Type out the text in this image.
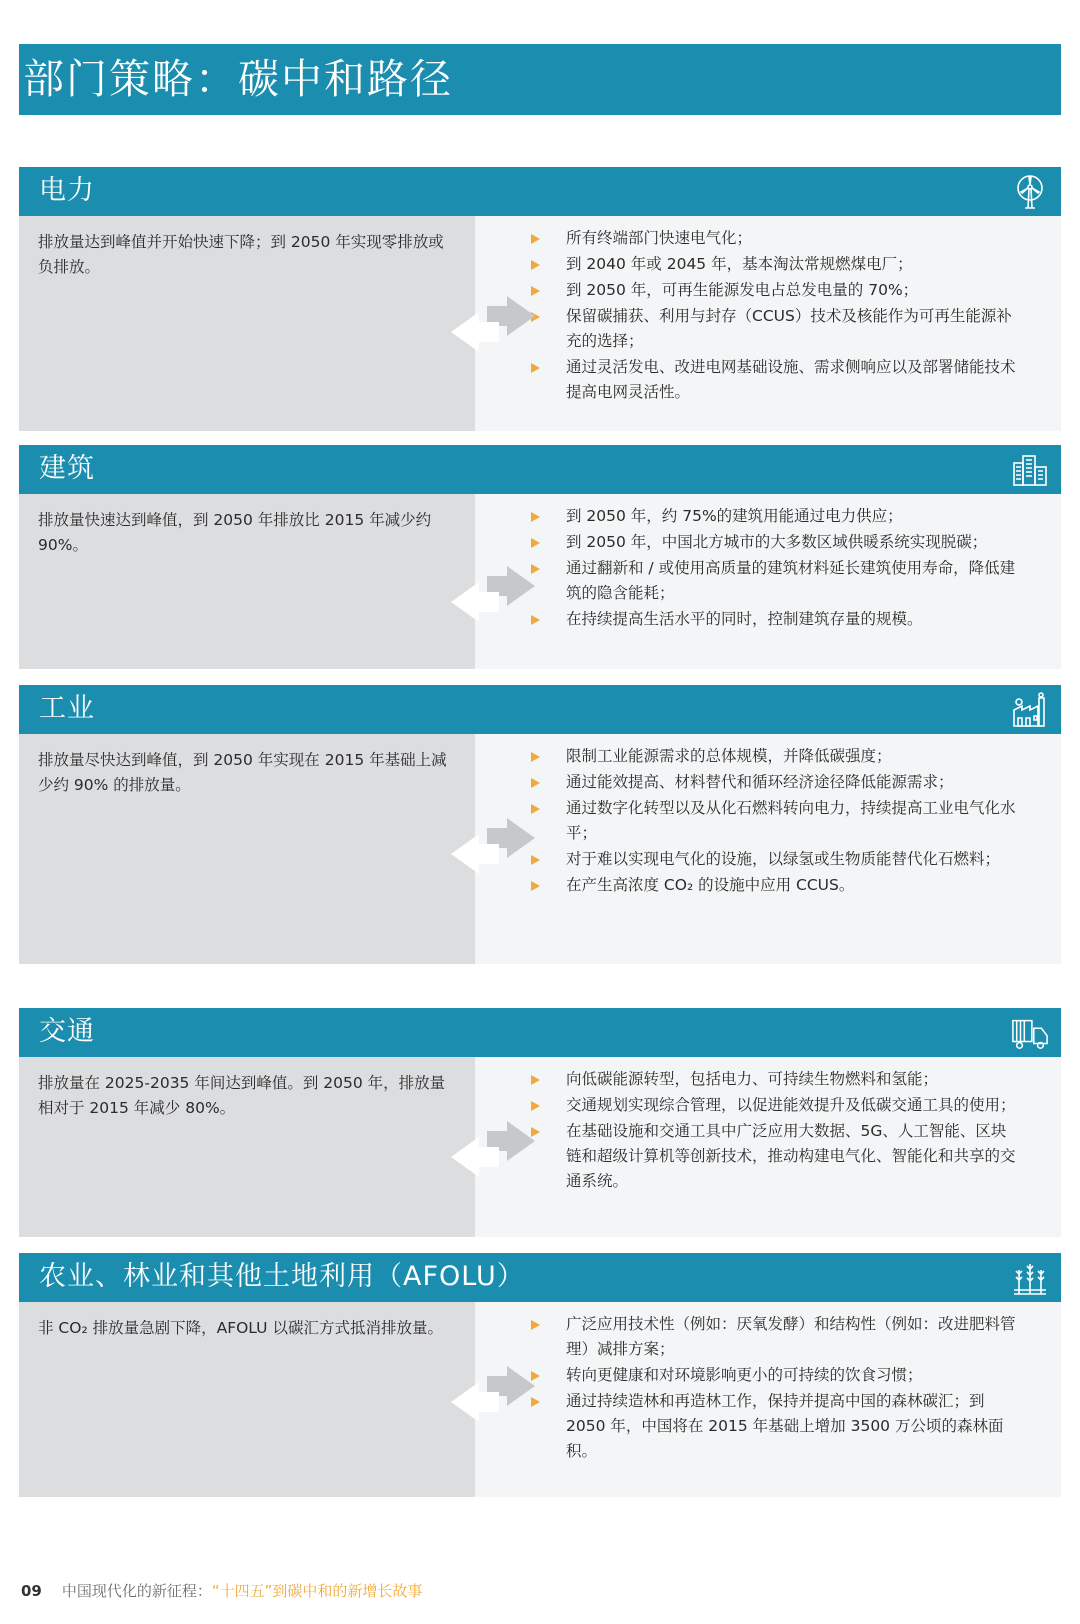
部门策略：碳中和路径
电力
排放量达到峰值并开始快速下降；到 2050 年实现零排放或负排放。
所有终端部门快速电气化；
到 2040 年或 2045 年，基本淘汰常规燃煤电厂；
到 2050 年，可再生能源发电占总发电量的 70%；
保留碳捕获、利用与封存（CCUS）技术及核能作为可再生能源补充的选择；
通过灵活发电、改进电网基础设施、需求侧响应以及部署储能技术提高电网灵活性。
建筑
排放量快速达到峰值，到 2050 年排放比 2015 年减少约 90%。
到 2050 年，约 75%的建筑用能通过电力供应；
到 2050 年，中国北方城市的大多数区域供暖系统实现脱碳；
通过翻新和 / 或使用高质量的建筑材料延长建筑使用寿命，降低建筑的隐含能耗；
在持续提高生活水平的同时，控制建筑存量的规模。
工业
排放量尽快达到峰值，到 2050 年实现在 2015 年基础上减少约 90% 的排放量。
限制工业能源需求的总体规模，并降低碳强度；
通过能效提高、材料替代和循环经济途径降低能源需求；
通过数字化转型以及从化石燃料转向电力，持续提高工业电气化水平；
对于难以实现电气化的设施，以绿氢或生物质能替代化石燃料；
在产生高浓度 CO₂ 的设施中应用 CCUS。
交通
排放量在 2025-2035 年间达到峰值。到 2050 年，排放量相对于 2015 年减少 80%。
向低碳能源转型，包括电力、可持续生物燃料和氢能；
交通规划实现综合管理，以促进能效提升及低碳交通工具的使用；
在基础设施和交通工具中广泛应用大数据、5G、人工智能、区块链和超级计算机等创新技术，推动构建电气化、智能化和共享的交通系统。
农业、林业和其他土地利用（AFOLU）
非 CO₂ 排放量急剧下降，AFOLU 以碳汇方式抵消排放量。	广泛应用技术性（例如：厌氧发酵）和结构性（例如：改进肥料管理）减排方案；
转向更健康和对环境影响更小的可持续的饮食习惯；
通过持续造林和再造林工作，保持并提高中国的森林碳汇；到 2050 年，中国将在 2015 年基础上增加 3500 万公顷的森林面积。
09 中国现代化的新征程：“十四五”到碳中和的新增长故事
